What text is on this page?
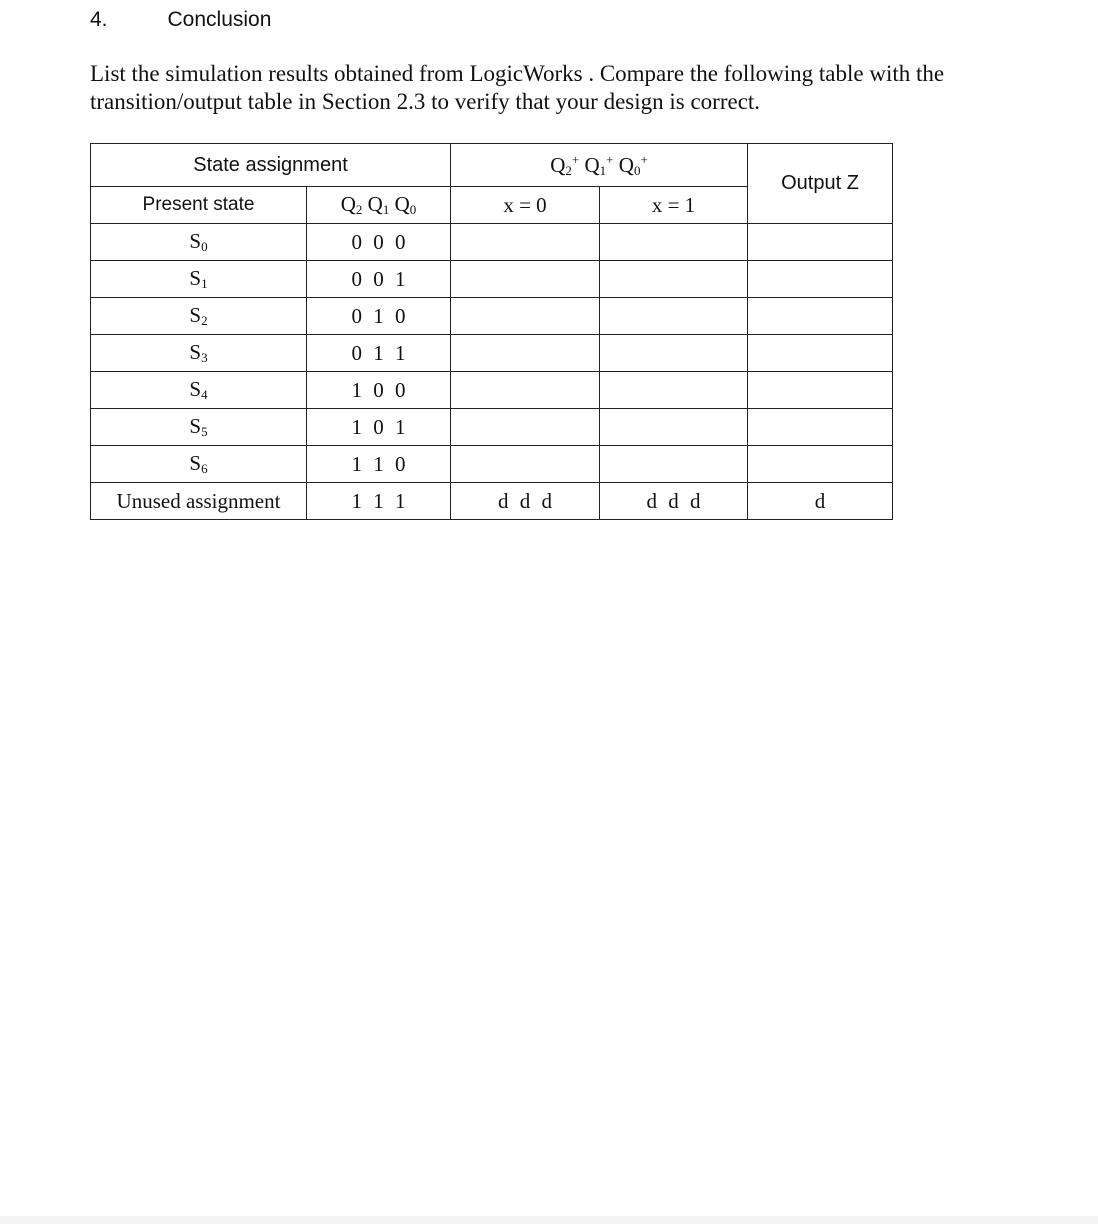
4.	Conclusion

List the simulation results obtained from LogicWorks . Compare the following table with the

transition/output table in Section 2.3 to verify that your design is correct.

State assignment		$Q_2^+$ $Q_1^+$ $Q_0^+$		Output Z
Present state	$Q_2$ $Q_1$ $Q_0$	x = 0	x = 1	
$S_0$	0 0 0			
$S_1$	0 0 1			
$S_2$	0 1 0			
$S_3$	0 1 1			
$S_4$	1 0 0			
$S_5$	1 0 1			
$S_6$	1 1 0			
Unused assignment	1 1 1	d d d	d d d	d
